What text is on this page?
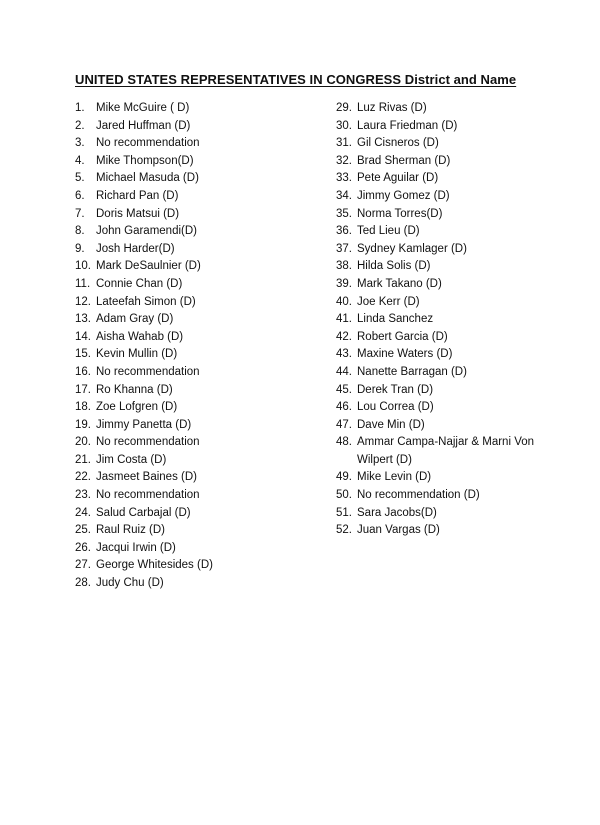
UNITED STATES REPRESENTATIVES IN CONGRESS District and Name
1. Mike McGuire ( D)
2. Jared Huffman (D)
3. No recommendation
4. Mike Thompson(D)
5. Michael Masuda (D)
6. Richard Pan (D)
7. Doris Matsui (D)
8. John Garamendi(D)
9. Josh Harder(D)
10. Mark DeSaulnier (D)
11. Connie Chan (D)
12. Lateefah Simon (D)
13. Adam Gray (D)
14. Aisha Wahab (D)
15. Kevin Mullin (D)
16. No recommendation
17. Ro Khanna (D)
18. Zoe Lofgren (D)
19. Jimmy Panetta (D)
20. No recommendation
21. Jim Costa (D)
22. Jasmeet Baines (D)
23. No recommendation
24. Salud Carbajal (D)
25. Raul Ruiz (D)
26. Jacqui Irwin (D)
27. George Whitesides (D)
28. Judy Chu (D)
29. Luz Rivas (D)
30. Laura Friedman (D)
31. Gil Cisneros (D)
32. Brad Sherman (D)
33. Pete Aguilar (D)
34. Jimmy Gomez (D)
35. Norma Torres(D)
36. Ted Lieu (D)
37. Sydney Kamlager (D)
38. Hilda Solis (D)
39. Mark Takano (D)
40. Joe Kerr (D)
41. Linda Sanchez
42. Robert Garcia (D)
43. Maxine Waters (D)
44. Nanette Barragan (D)
45. Derek Tran (D)
46. Lou Correa (D)
47. Dave Min (D)
48. Ammar Campa-Najjar & Marni Von Wilpert (D)
49. Mike Levin (D)
50. No recommendation (D)
51. Sara Jacobs(D)
52. Juan Vargas (D)
